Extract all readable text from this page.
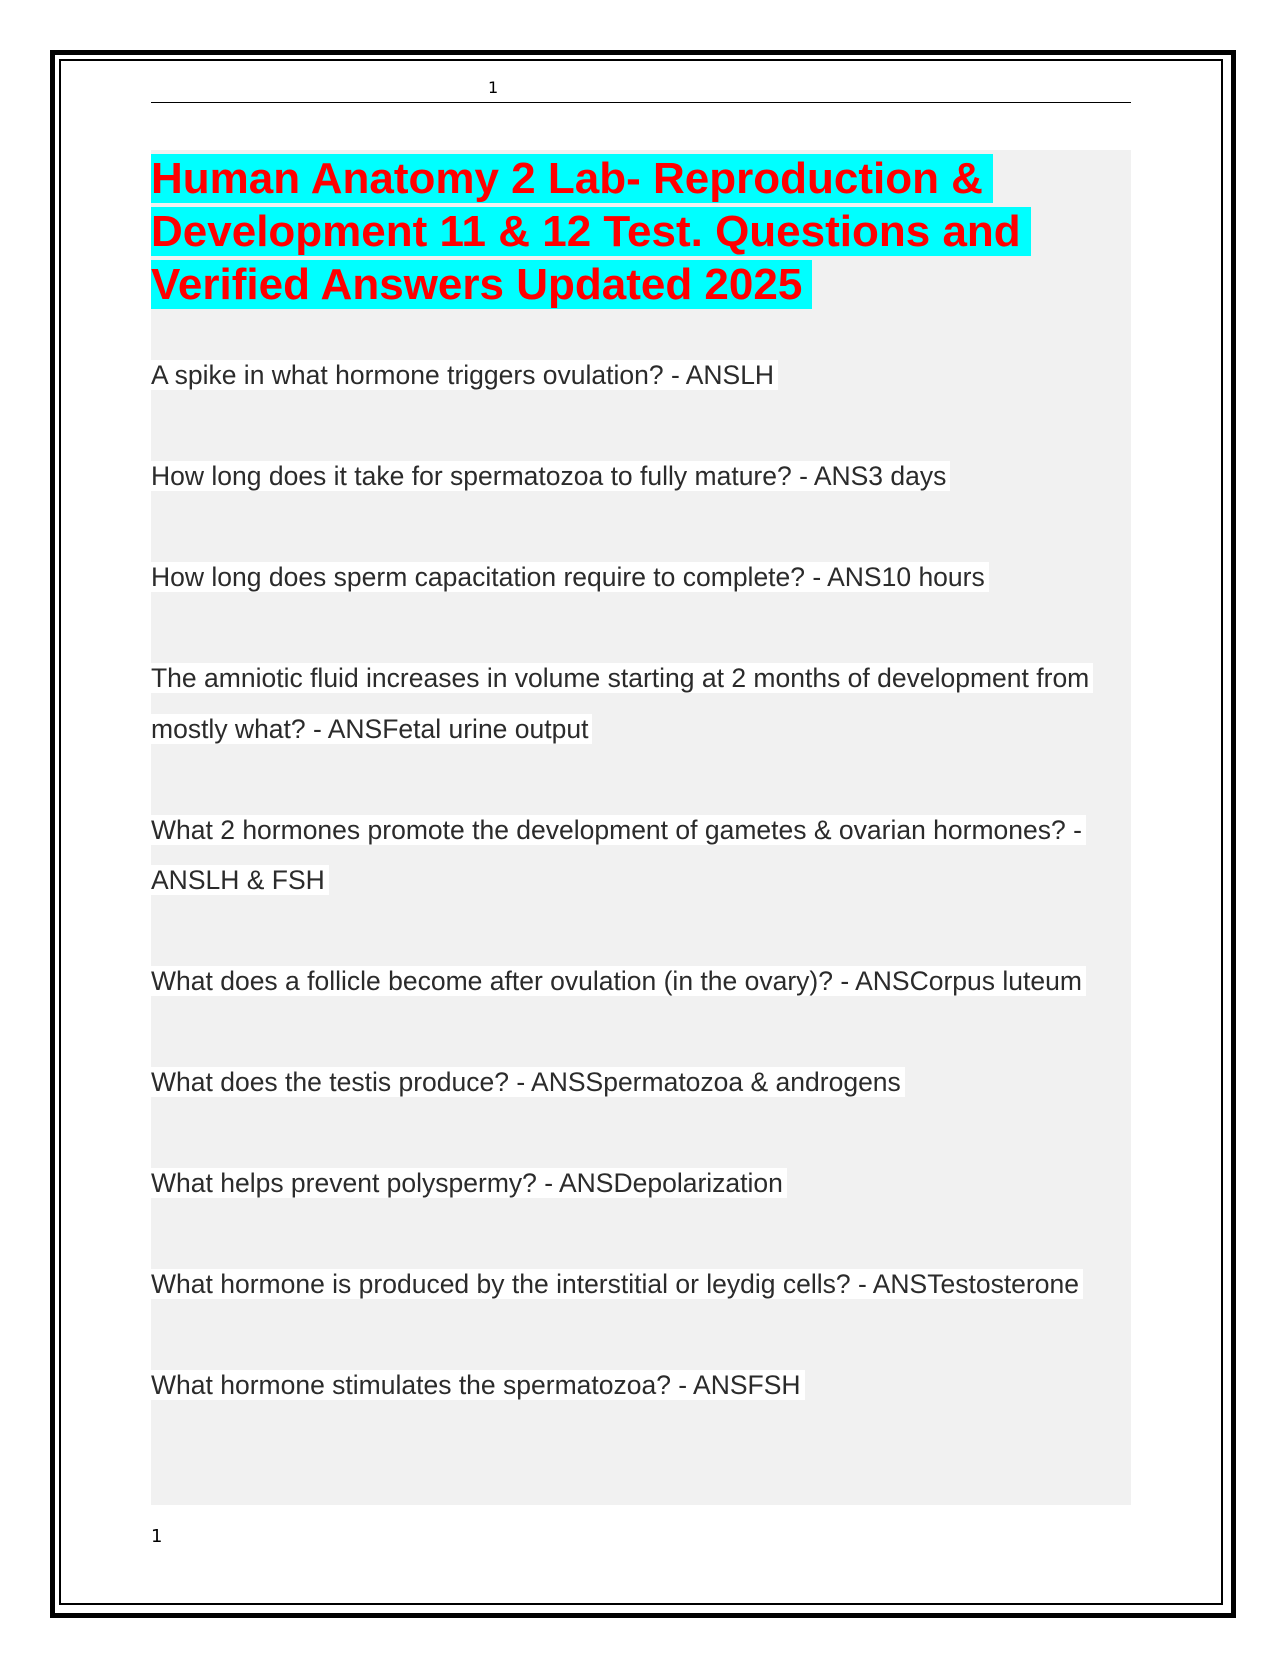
1
Human Anatomy 2 Lab- Reproduction & Development 11 & 12 Test. Questions and Verified Answers Updated 2025
A spike in what hormone triggers ovulation? - ANSLH
How long does it take for spermatozoa to fully mature? - ANS3 days
How long does sperm capacitation require to complete? - ANS10 hours
The amniotic fluid increases in volume starting at 2 months of development from mostly what? - ANSFetal urine output
What 2 hormones promote the development of gametes & ovarian hormones? - ANSLH & FSH
What does a follicle become after ovulation (in the ovary)? - ANSCorpus luteum
What does the testis produce? - ANSSpermatozoa & androgens
What helps prevent polyspermy? - ANSDepolarization
What hormone is produced by the interstitial or leydig cells? - ANSTestosterone
What hormone stimulates the spermatozoa? - ANSFSH
1
